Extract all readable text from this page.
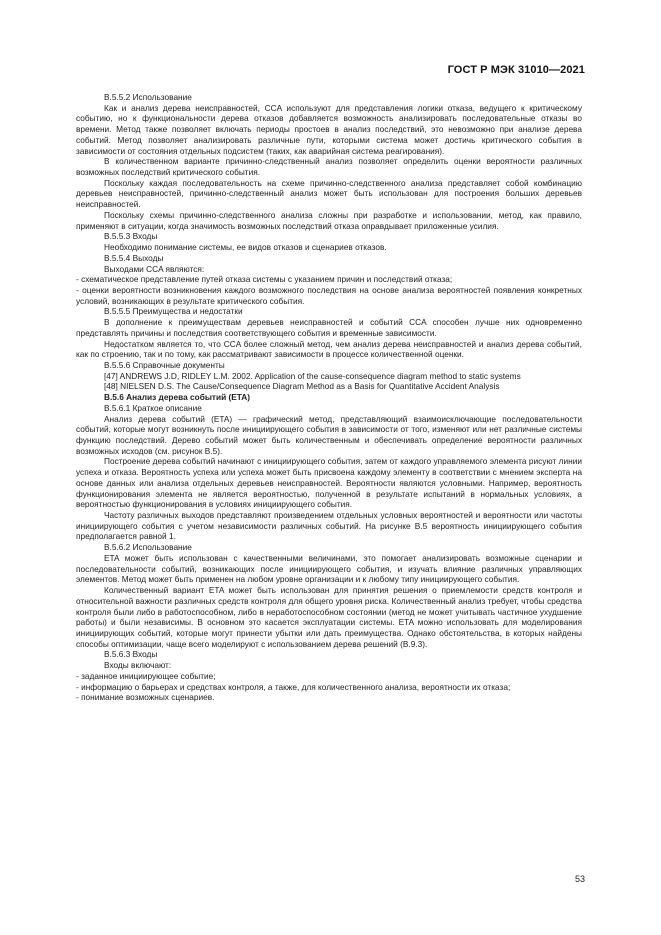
ГОСТ Р МЭК 31010—2021

B.5.5.2 Использование

Как и анализ дерева неисправностей, CCA используют для представления логики отказа, ведущего к критическому событию, но к функциональности дерева отказов добавляется возможность анализировать последовательные отказы во времени. Метод также позволяет включать периоды простоев в анализ последствий, это невозможно при анализе дерева событий. Метод позволяет анализировать различные пути, которыми система может достичь критического события в зависимости от состояния отдельных подсистем (таких, как аварийная система реагирования).

В количественном варианте причинно-следственный анализ позволяет определить оценки вероятности различных возможных последствий критического события.

Поскольку каждая последовательность на схеме причинно-следственного анализа представляет собой комбинацию деревьев неисправностей, причинно-следственный анализ может быть использован для построения больших деревьев неисправностей.

Поскольку схемы причинно-следственного анализа сложны при разработке и использовании, метод, как правило, применяют в ситуации, когда значимость возможных последствий отказа оправдывает приложенные усилия.

B.5.5.3 Входы

Необходимо понимание системы, ее видов отказов и сценариев отказов.

B.5.5.4 Выходы

Выходами CCA являются:

- схематическое представление путей отказа системы с указанием причин и последствий отказа;

- оценки вероятности возникновения каждого возможного последствия на основе анализа вероятностей появления конкретных условий, возникающих в результате критического события.

B.5.5.5 Преимущества и недостатки

В дополнение к преимуществам деревьев неисправностей и событий CCA способен лучше них одновременно представлять причины и последствия соответствующего события и временные зависимости.

Недостатком является то, что CCA более сложный метод, чем анализ дерева неисправностей и анализ дерева событий, как по строению, так и по тому, как рассматривают зависимости в процессе количественной оценки.

B.5.5.6 Справочные документы

[47] ANDREWS J.D, RIDLEY L.M. 2002. Application of the cause-consequence diagram method to static systems

[48] NIELSEN D.S. The Cause/Consequence Diagram Method as a Basis for Quantitative Accident Analysis

B.5.6 Анализ дерева событий (ETA)

B.5.6.1 Краткое описание

Анализ дерева событий (ETA) — графический метод, представляющий взаимоисключающие последовательности событий, которые могут возникнуть после инициирующего события в зависимости от того, изменяют или нет различные системы функцию последствий. Дерево событий может быть количественным и обеспечивать определение вероятности различных возможных исходов (см. рисунок B.5).

Построение дерева событий начинают с инициирующего события, затем от каждого управляемого элемента рисуют линии успеха и отказа. Вероятность успеха или успеха может быть присвоена каждому элементу в соответствии с мнением эксперта на основе данных или анализа отдельных деревьев неисправностей. Вероятности являются условными. Например, вероятность функционирования элемента не является вероятностью, полученной в результате испытаний в нормальных условиях, а вероятностью функционирования в условиях инициирующего события.

Частоту различных выходов представляют произведением отдельных условных вероятностей и вероятности или частоты инициирующего события с учетом независимости различных событий. На рисунке B.5 вероятность инициирующего события предполагается равной 1.

B.5.6.2 Использование

ETA может быть использован с качественными величинами, это помогает анализировать возможные сценарии и последовательности событий, возникающих после инициирующего события, и изучать влияние различных управляющих элементов. Метод может быть применен на любом уровне организации и к любому типу инициирующего события.

Количественный вариант ETA может быть использован для принятия решения о приемлемости средств контроля и относительной важности различных средств контроля для общего уровня риска. Количественный анализ требует, чтобы средства контроля были либо в работоспособном, либо в неработоспособном состоянии (метод не может учитывать частичное ухудшение работы) и были независимы. В основном это касается эксплуатации системы. ETA можно использовать для моделирования инициирующих событий, которые могут принести убытки или дать преимущества. Однако обстоятельства, в которых найдены способы оптимизации, чаще всего моделируют с использованием дерева решений (B.9.3).

B.5.6.3 Входы

Входы включают:

- заданное инициирующее событие;

- информацию о барьерах и средствах контроля, а также, для количественного анализа, вероятности их отказа;

- понимание возможных сценариев.

53
